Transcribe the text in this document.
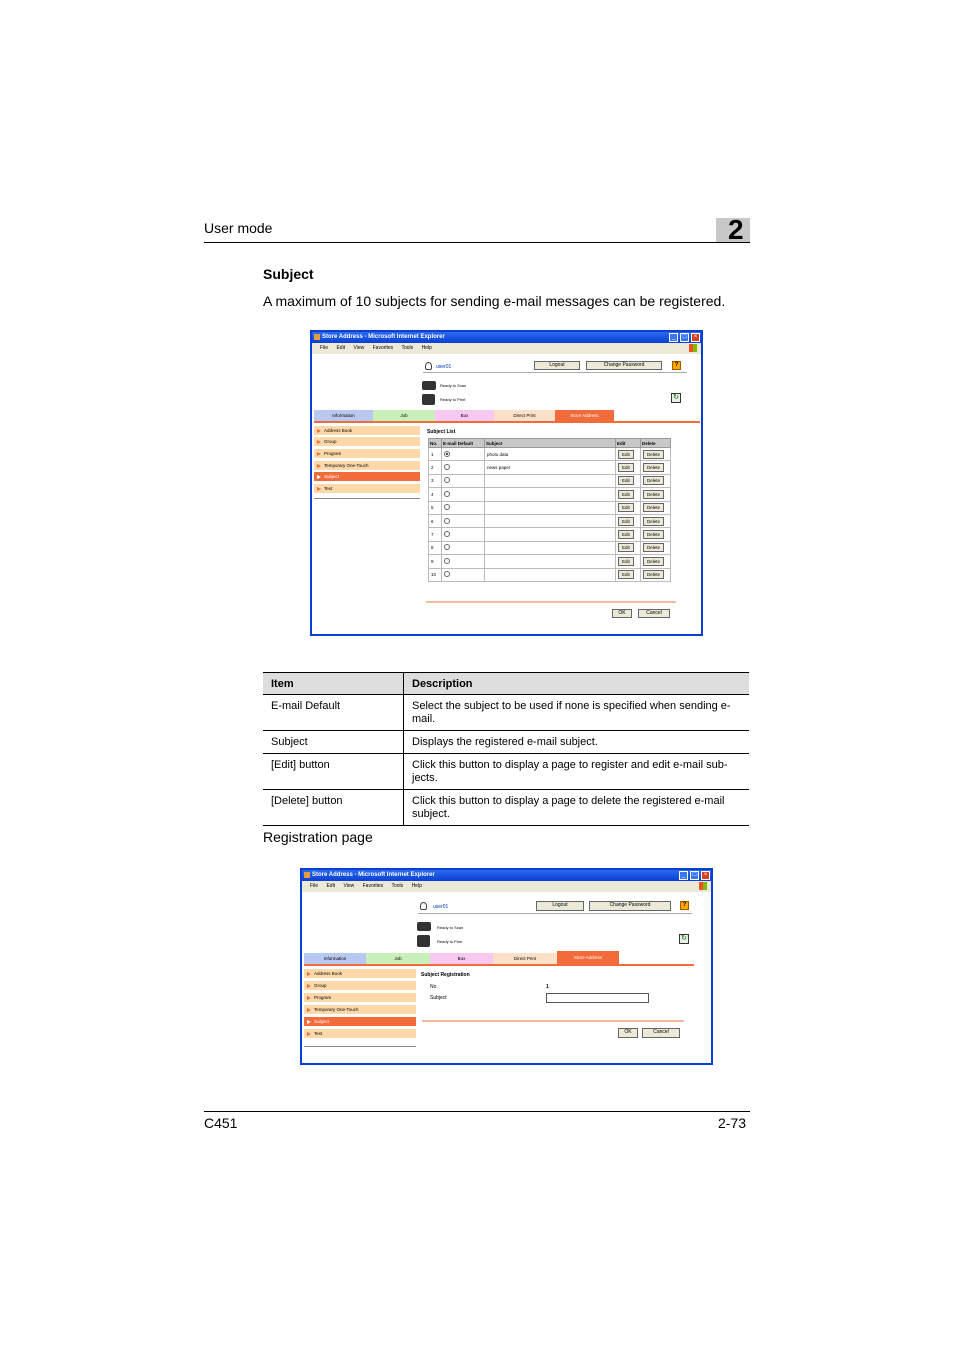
User mode	2
Subject
A maximum of 10 subjects for sending e-mail messages can be registered.
Store Address - Microsoft Internet Explorer	_	□	×
File Edit View Favorites Tools Help
user01	Logout	Change Password	?
Ready to Scan
Ready to Print	↻
Information	Job	Box	Direct Print	Store Address
Address Book
Group
Program
Temporary One-Touch
Subject
Text
Subject List
No.	E-mail Default	Subject	Edit	Delete
1		photo data	Edit	Delete
2		news paper	Edit	Delete
3			Edit	Delete
4			Edit	Delete
5			Edit	Delete
6			Edit	Delete
7			Edit	Delete
8			Edit	Delete
9			Edit	Delete
10			Edit	Delete
OK	Cancel
Item	Description
E-mail Default	Select the subject to be used if none is specified when sending e-
mail.

Subject	Displays the registered e-mail subject.

[Edit] button	Click this button to display a page to register and edit e-mail sub-
jects.

[Delete] button	Click this button to display a page to delete the registered e-mail
subject.
Registration page
Store Address - Microsoft Internet Explorer	_	□	×
File Edit View Favorites Tools Help
user01	Logout	Change Password	?
Ready to Scan
Ready to Print	↻
Information	Job	Box	Direct Print	Store Address
Address Book
Group
Program
Temporary One-Touch
Subject
Text
Subject Registration
No.	1
Subject
OK	Cancel
C451	2-73
